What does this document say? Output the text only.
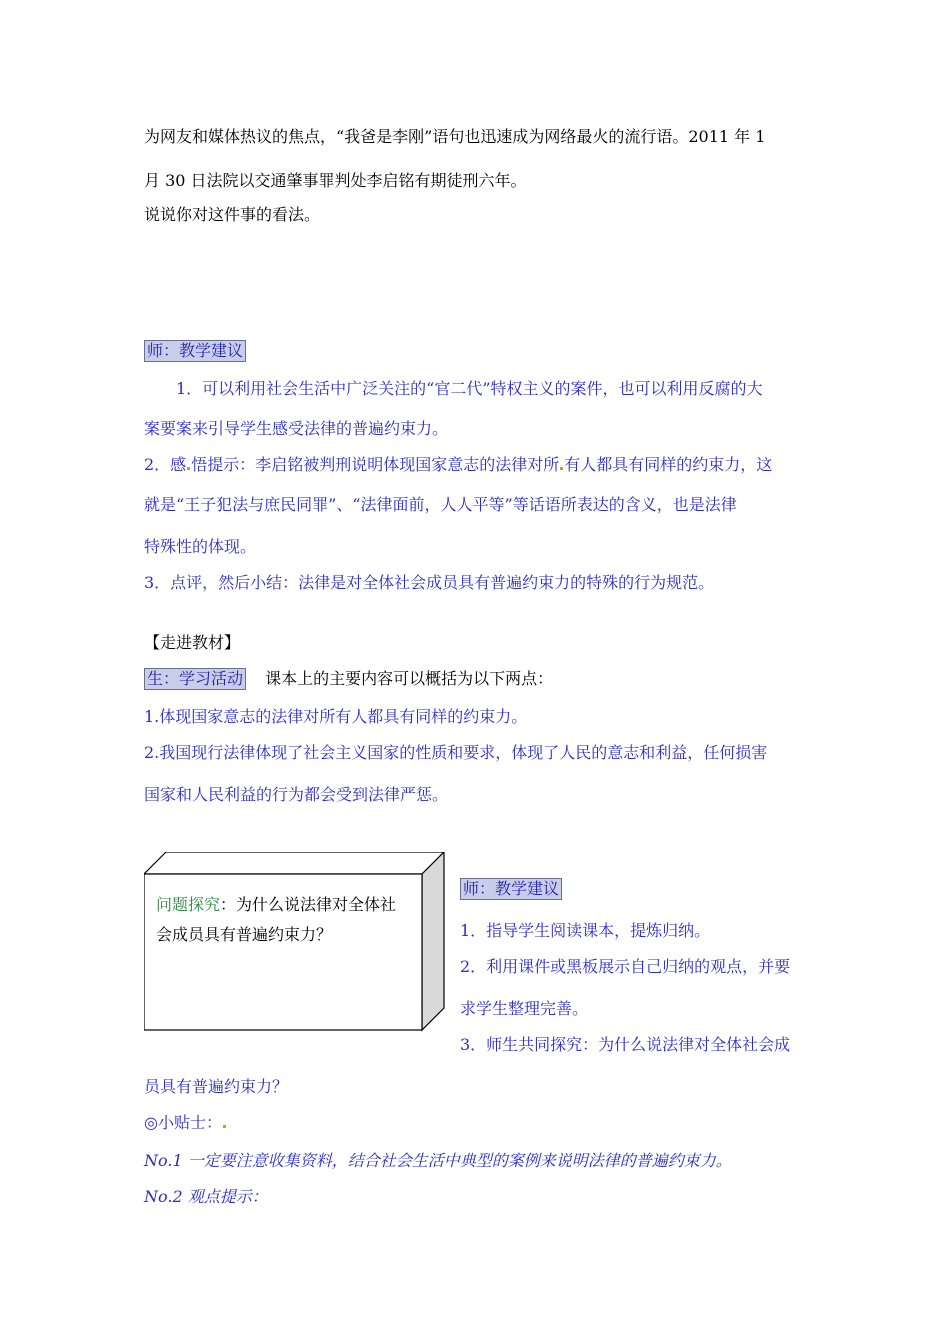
为网友和媒体热议的焦点，“我爸是李刚”语句也迅速成为网络最火的流行语。2011 年 1
月 30 日法院以交通肇事罪判处李启铭有期徒刑六年。
说说你对这件事的看法。
师：教学建议
1．可以利用社会生活中广泛关注的“官二代”特权主义的案件，也可以利用反腐的大
案要案来引导学生感受法律的普遍约束力。
2．感 悟提示：李启铭被判刑说明体现国家意志的法律对所 有人都具有同样的约束力，这
就是“王子犯法与庶民同罪”、“法律面前，人人平等”等话语所表达的含义，也是法律
特殊性的体现。
3．点评，然后小结：法律是对全体社会成员具有普遍约束力的特殊的行为规范。
【走进教材】
生：学习活动 课本上的主要内容可以概括为以下两点：
1.体现国家意志的法律对所有人都具有同样的约束力。
2.我国现行法律体现了社会主义国家的性质和要求，体现了人民的意志和利益，任何损害
国家和人民利益的行为都会受到法律严惩。
问题探究：为什么说法律对全体社
会成员具有普遍约束力？
师：教学建议
1．指导学生阅读课本，提炼归纳。
2．利用课件或黑板展示自己归纳的观点，并要
求学生整理完善。
3．师生共同探究：为什么说法律对全体社会成
员具有普遍约束力？
◎小贴士：
No.1 一定要注意收集资料，结合社会生活中典型的案例来说明法律的普遍约束力。
No.2 观点提示：
